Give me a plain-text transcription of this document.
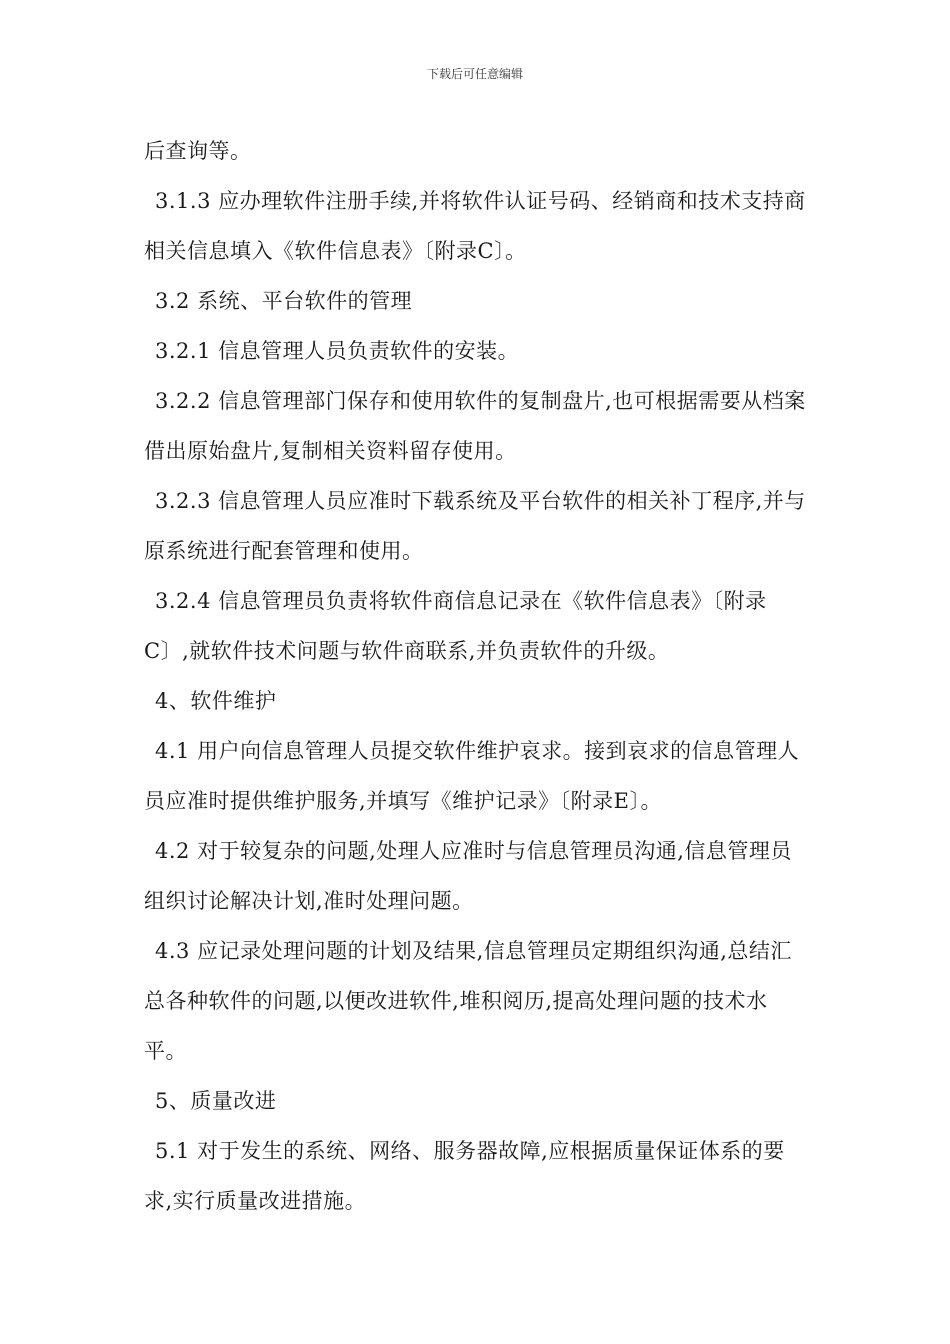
下载后可任意编辑

后查询等。

3.1.3 应办理软件注册手续,并将软件认证号码、经销商和技术支持商相关信息填入《软件信息表》〔附录C〕。

3.2 系统、平台软件的管理

3.2.1 信息管理人员负责软件的安装。

3.2.2 信息管理部门保存和使用软件的复制盘片,也可根据需要从档案借出原始盘片,复制相关资料留存使用。

3.2.3 信息管理人员应准时下载系统及平台软件的相关补丁程序,并与原系统进行配套管理和使用。

3.2.4 信息管理员负责将软件商信息记录在《软件信息表》〔附录C〕,就软件技术问题与软件商联系,并负责软件的升级。

4、软件维护

4.1 用户向信息管理人员提交软件维护哀求。接到哀求的信息管理人员应准时提供维护服务,并填写《维护记录》〔附录E〕。

4.2 对于较复杂的问题,处理人应准时与信息管理员沟通,信息管理员组织讨论解决计划,准时处理问题。

4.3 应记录处理问题的计划及结果,信息管理员定期组织沟通,总结汇总各种软件的问题,以便改进软件,堆积阅历,提高处理问题的技术水平。

5、质量改进

5.1 对于发生的系统、网络、服务器故障,应根据质量保证体系的要求,实行质量改进措施。
